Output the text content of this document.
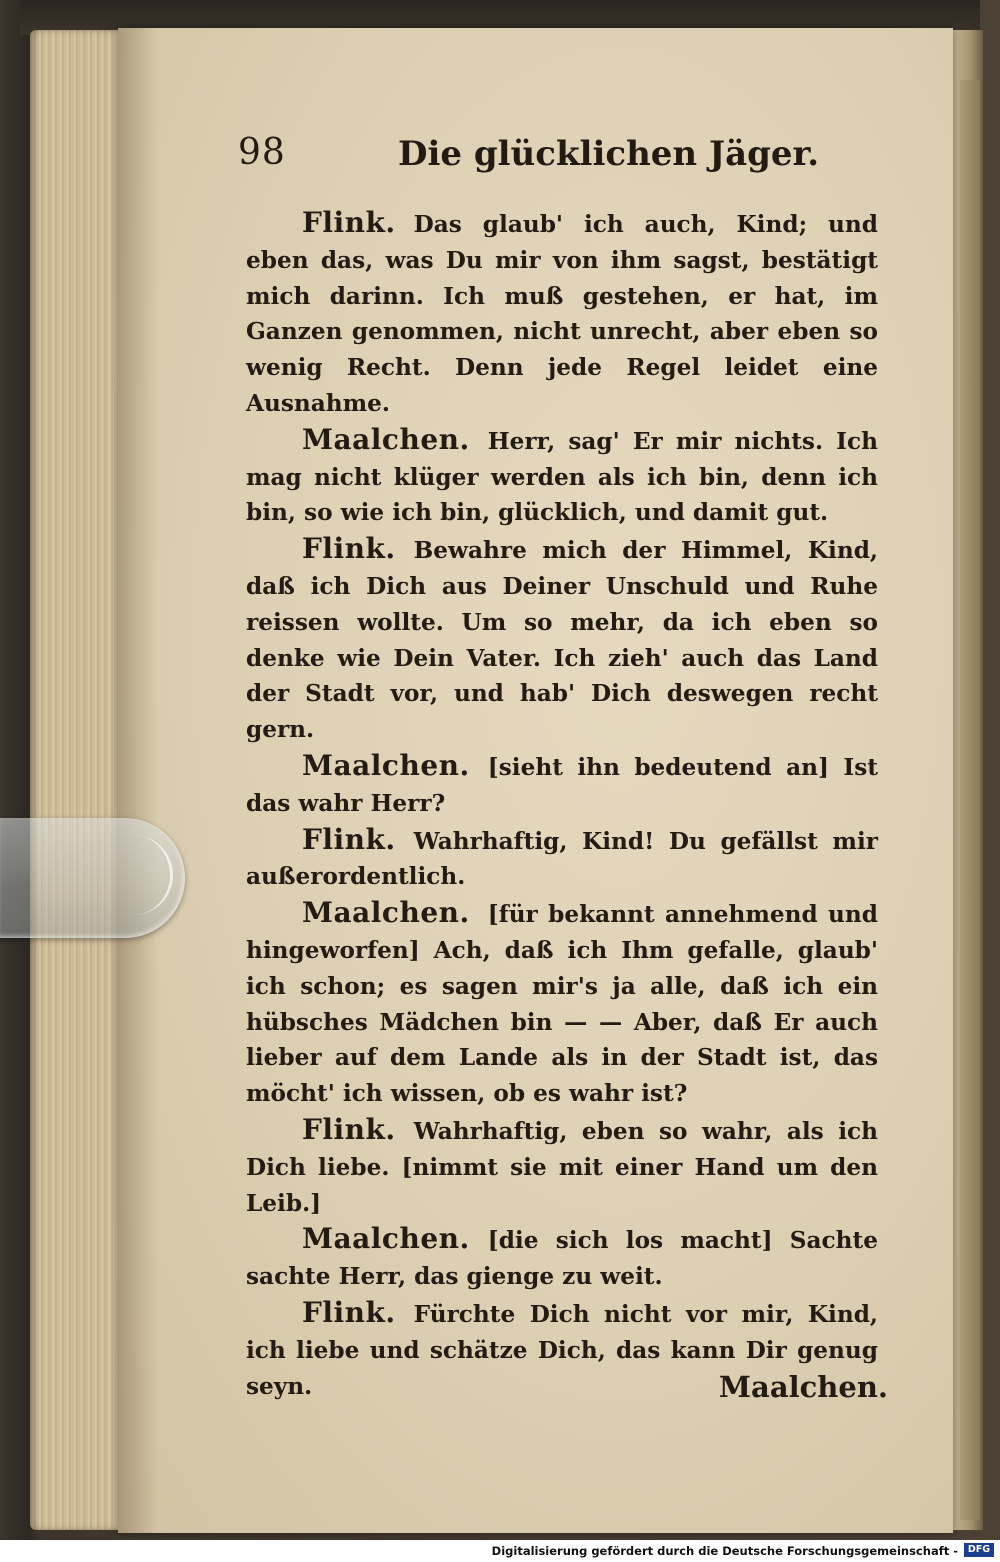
98	Die glücklichen Jäger.

Flink. Das glaub' ich auch, Kind; und eben das, was Du mir von ihm sagst, bestätigt mich darinn. Ich muß gestehen, er hat, im Ganzen genommen, nicht unrecht, aber eben so wenig Recht. Denn jede Regel leidet eine Ausnahme.

Maalchen. Herr, sag' Er mir nichts. Ich mag nicht klüger werden als ich bin, denn ich bin, so wie ich bin, glücklich, und damit gut.

Flink. Bewahre mich der Himmel, Kind, daß ich Dich aus Deiner Unschuld und Ruhe reissen wollte. Um so mehr, da ich eben so denke wie Dein Vater. Ich zieh' auch das Land der Stadt vor, und hab' Dich deswegen recht gern.

Maalchen. [sieht ihn bedeutend an] Ist das wahr Herr?

Flink. Wahrhaftig, Kind! Du gefällst mir außerordentlich.

Maalchen. [für bekannt annehmend und hingeworfen] Ach, daß ich Ihm gefalle, glaub' ich schon; es sagen mir's ja alle, daß ich ein hübsches Mädchen bin — — Aber, daß Er auch lieber auf dem Lande als in der Stadt ist, das möcht' ich wissen, ob es wahr ist?

Flink. Wahrhaftig, eben so wahr, als ich Dich liebe. [nimmt sie mit einer Hand um den Leib.]

Maalchen. [die sich los macht] Sachte sachte Herr, das gienge zu weit.

Flink. Fürchte Dich nicht vor mir, Kind, ich liebe und schätze Dich, das kann Dir genug seyn.	Maalchen.
Digitalisierung gefördert durch die Deutsche Forschungsgemeinschaft -	DFG
